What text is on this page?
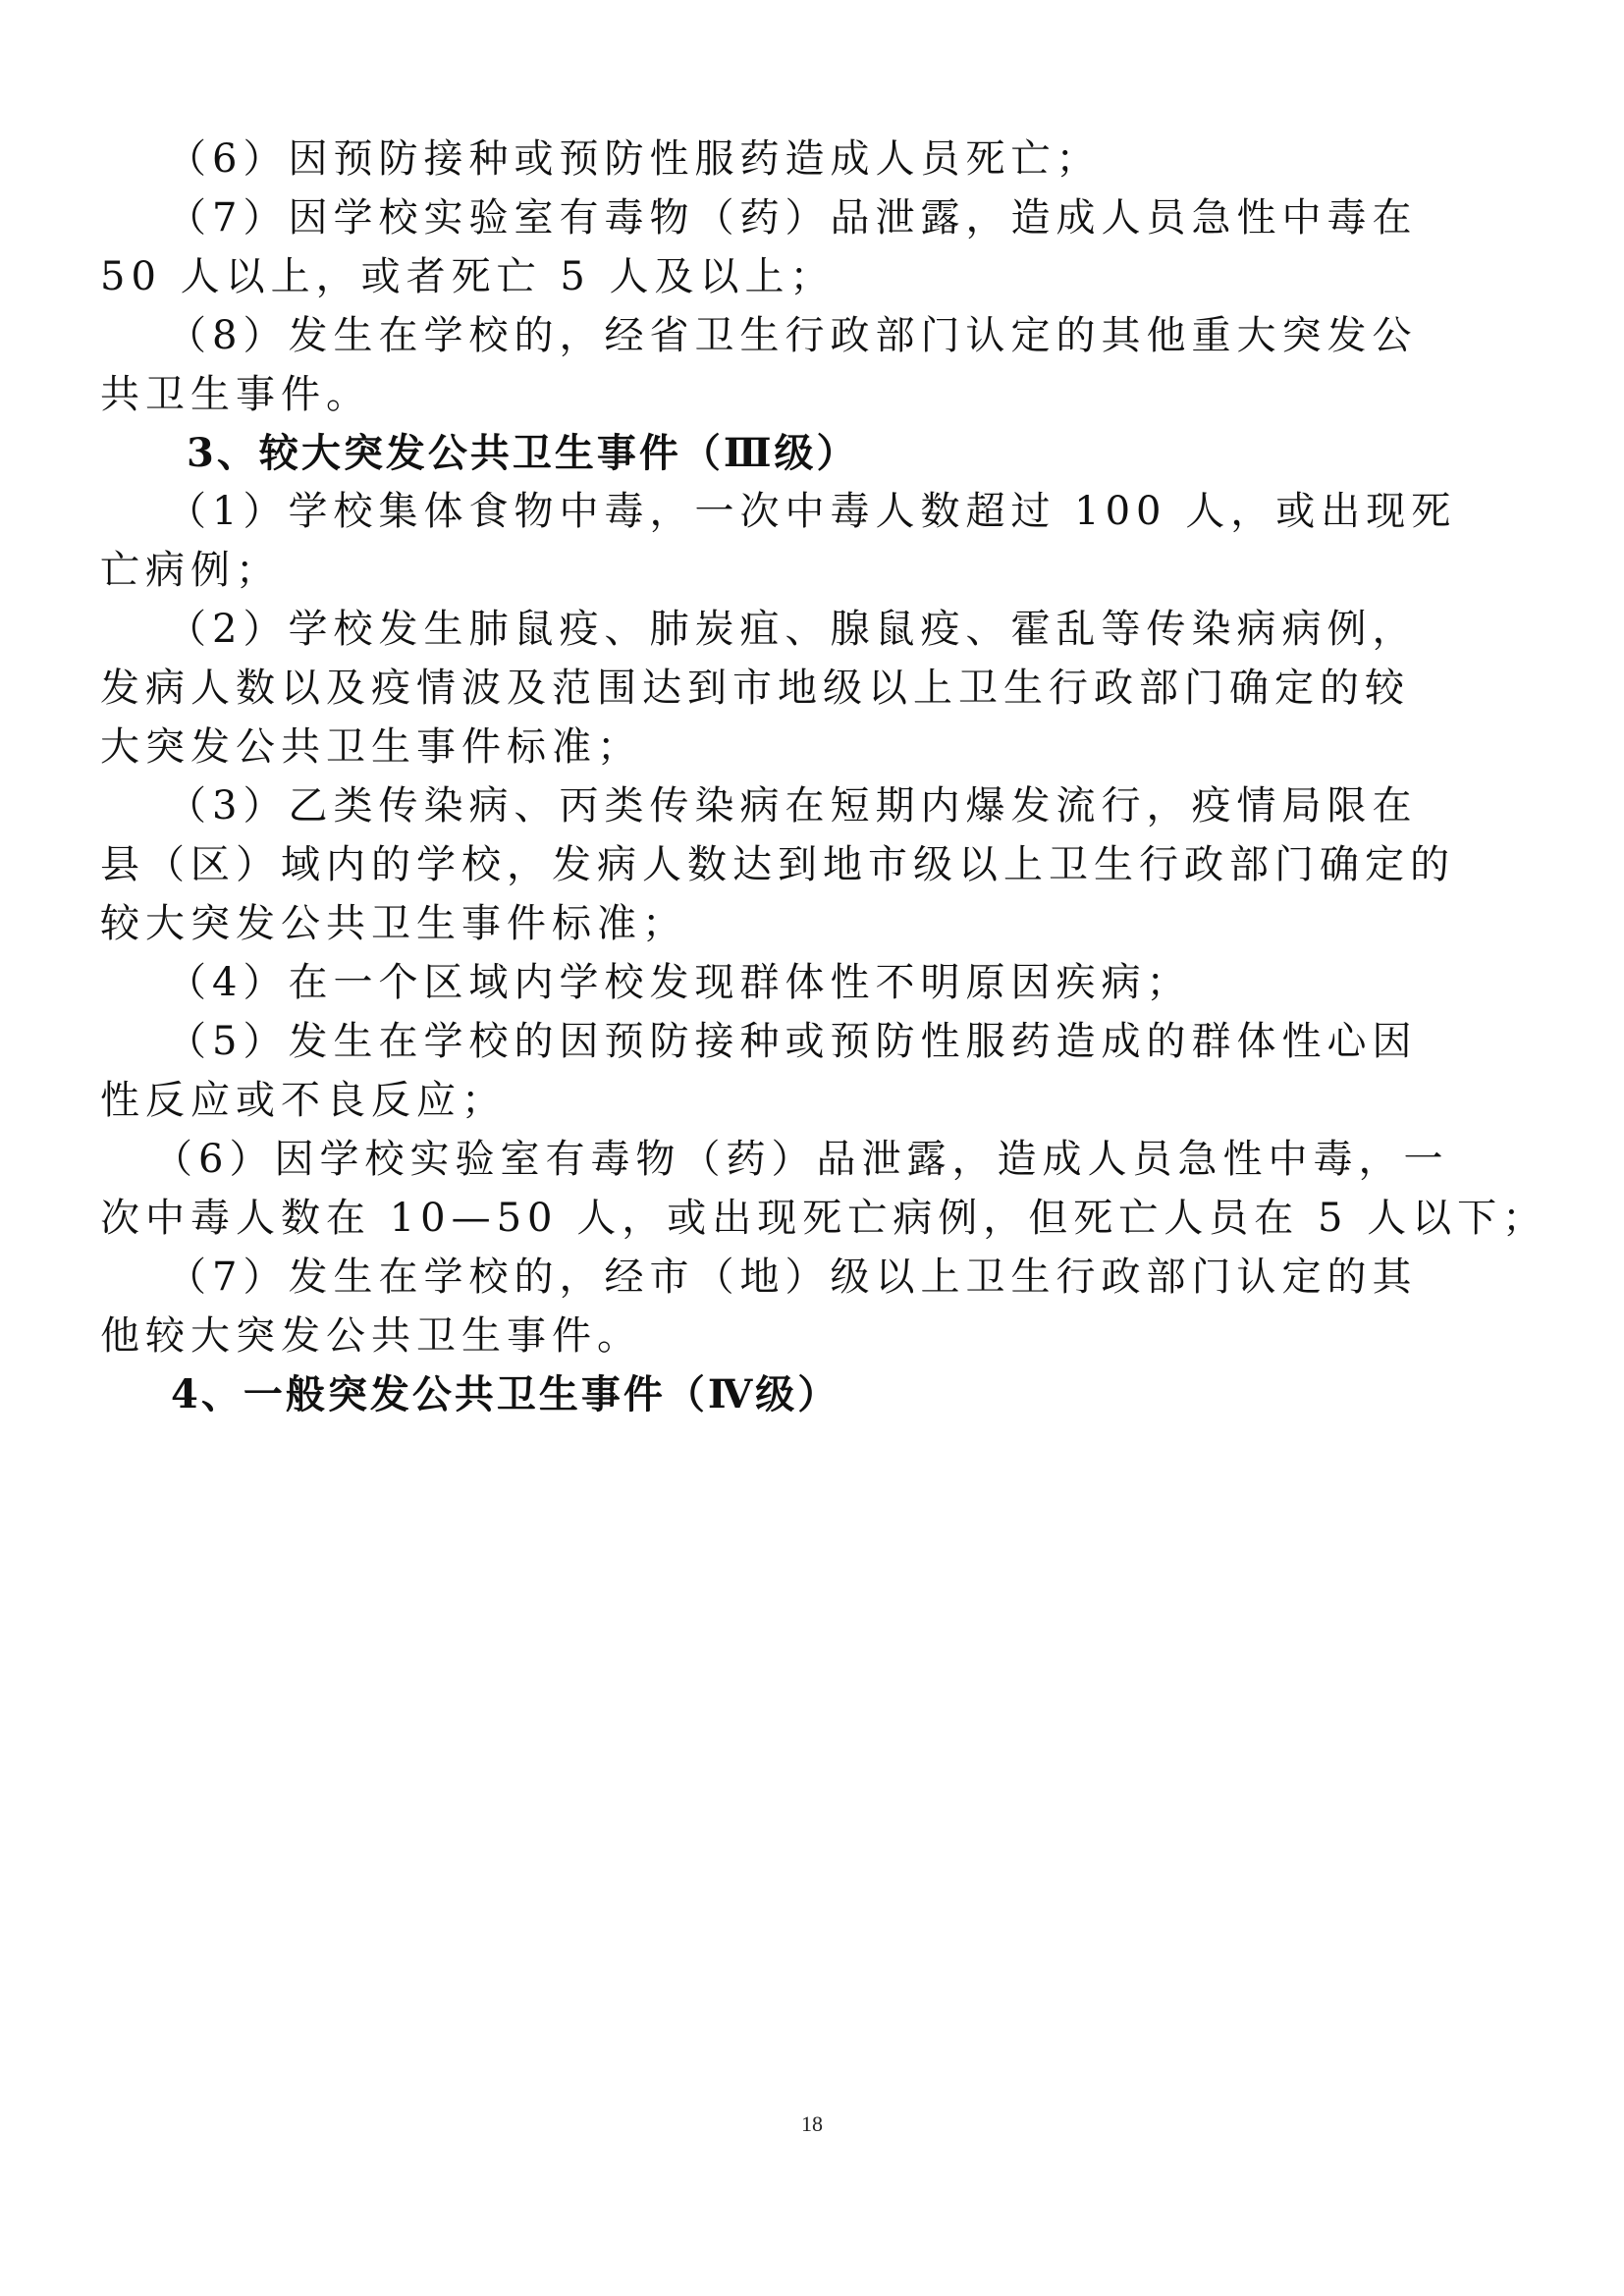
（6）因预防接种或预防性服药造成人员死亡；

（7）因学校实验室有毒物（药）品泄露，造成人员急性中毒在

50 人以上，或者死亡 5 人及以上；

（8）发生在学校的，经省卫生行政部门认定的其他重大突发公

共卫生事件。

3、较大突发公共卫生事件（Ⅲ级）

（1）学校集体食物中毒，一次中毒人数超过 100 人，或出现死

亡病例；

（2）学校发生肺鼠疫、肺炭疽、腺鼠疫、霍乱等传染病病例，

发病人数以及疫情波及范围达到市地级以上卫生行政部门确定的较

大突发公共卫生事件标准；

（3）乙类传染病、丙类传染病在短期内爆发流行，疫情局限在

县（区）域内的学校，发病人数达到地市级以上卫生行政部门确定的

较大突发公共卫生事件标准；

（4）在一个区域内学校发现群体性不明原因疾病；

（5）发生在学校的因预防接种或预防性服药造成的群体性心因

性反应或不良反应；

（6）因学校实验室有毒物（药）品泄露，造成人员急性中毒，一

次中毒人数在 10—50 人，或出现死亡病例，但死亡人员在 5 人以下；

（7）发生在学校的，经市（地）级以上卫生行政部门认定的其

他较大突发公共卫生事件。

4、一般突发公共卫生事件（Ⅳ级）

18
